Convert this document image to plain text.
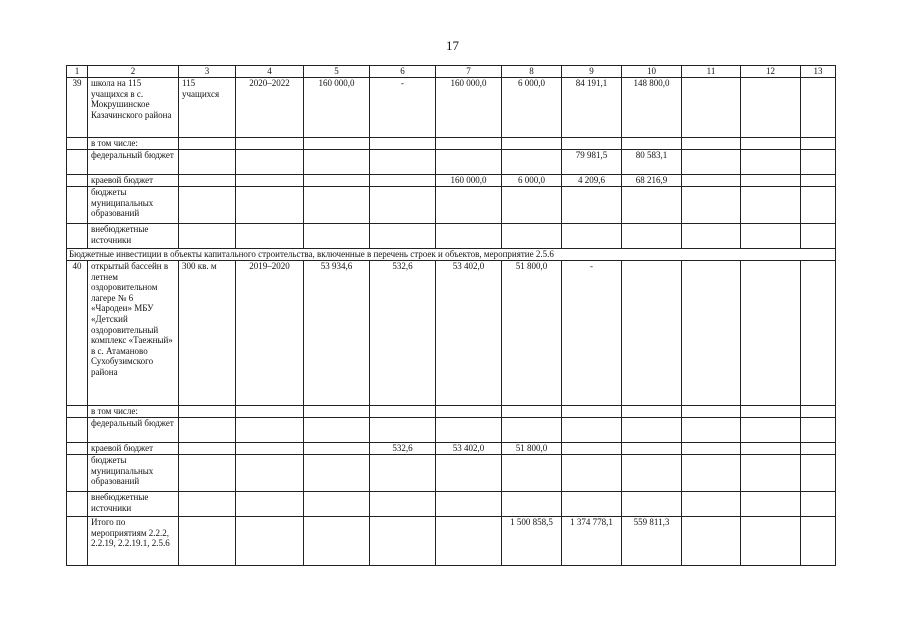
17
1	2	3	4	5	6	7	8	9	10	11	12	13
39	школа на 115 учащихся в с. Мокрушинское Казачинского района	115 учащихся	2020–2022	160 000,0	-	160 000,0	6 000,0	84 191,1	148 800,0			
	в том числе:											
	федеральный бюджет							79 981,5	80 583,1			
	краевой бюджет					160 000,0	6 000,0	4 209,6	68 216,9			
	бюджеты муниципальных образований											
	внебюджетные источники											
Бюджетные инвестиции в объекты капитального строительства, включенные в перечень строек и объектов, мероприятие 2.5.6												
40	открытый бассейн в летнем оздоровительном лагере № 6 «Чародеи» МБУ «Детский оздоровительный комплекс «Таежный» в с. Атаманово Сухобузимского района	300 кв. м	2019–2020	53 934,6	532,6	53 402,0	51 800,0	-				
	в том числе:											
	федеральный бюджет											
	краевой бюджет				532,6	53 402,0	51 800,0					
	бюджеты муниципальных образований											
	внебюджетные источники											
	Итого по мероприятиям 2.2.2, 2.2.19, 2.2.19.1, 2.5.6						1 500 858,5	1 374 778,1	559 811,3			
